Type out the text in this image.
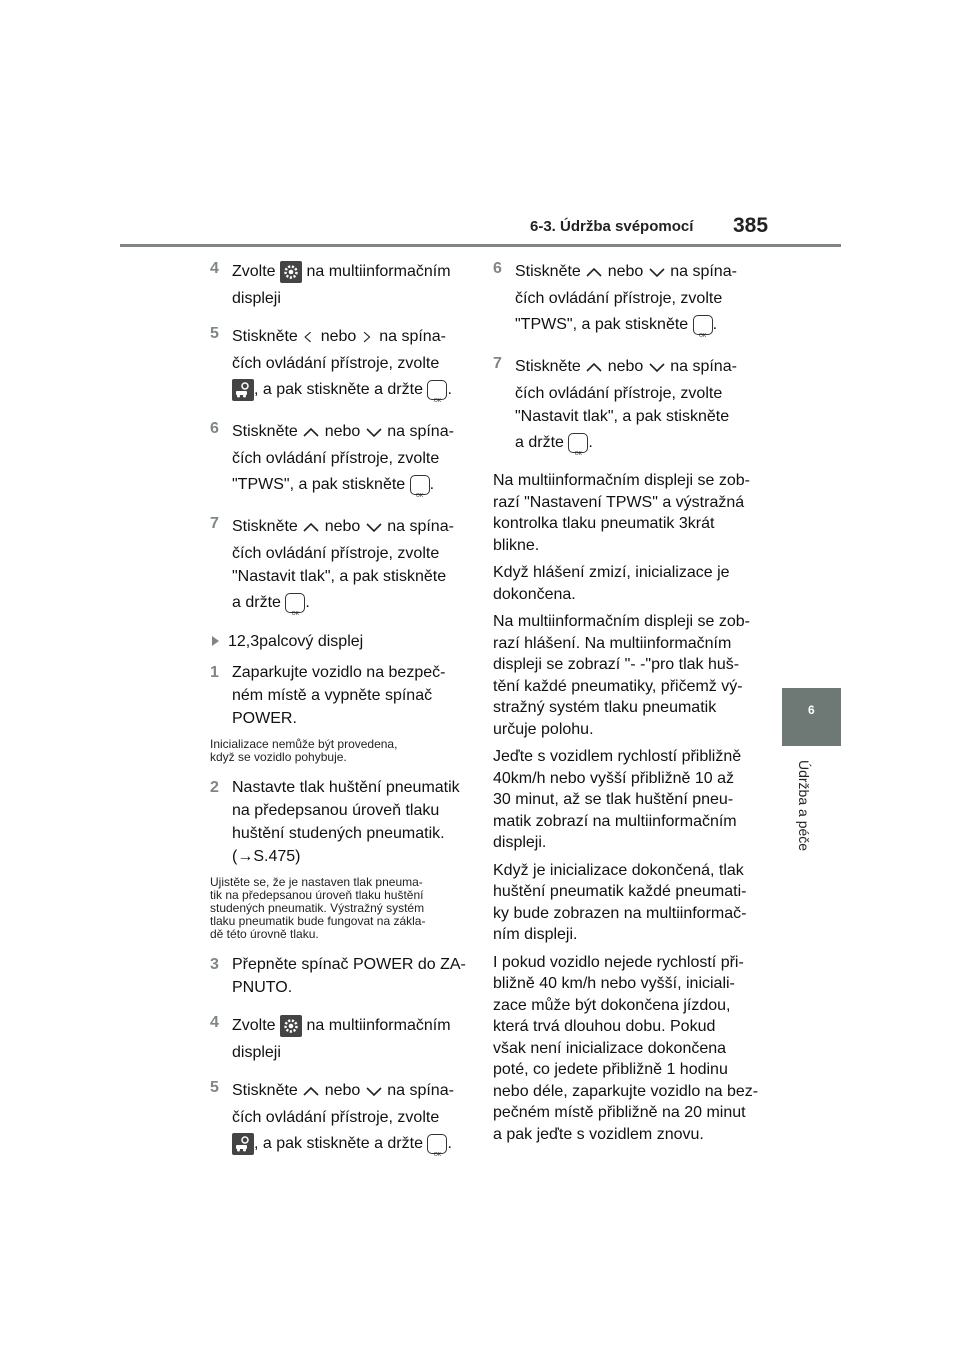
6-3. Údržba svépomocí 385
6
Údržba a péče
4 Zvolte na multiinformačním
displeji
5 Stiskněte nebo na spína-
čích ovládání přístroje, zvolte
, a pak stiskněte a držte
OK
.
6 Stiskněte nebo na spína-
čích ovládání přístroje, zvolte
"TPWS", a pak stiskněte
OK
.
7 Stiskněte nebo na spína-
čích ovládání přístroje, zvolte
"Nastavit tlak", a pak stiskněte
a držte
OK
.
12,3palcový displej
1 Zaparkujte vozidlo na bezpeč-
ném místě a vypněte spínač
POWER.
Inicializace nemůže být provedena,
když se vozidlo pohybuje.
2 Nastavte tlak huštění pneumatik
na předepsanou úroveň tlaku
huštění studených pneumatik.
(→S.475)
Ujistěte se, že je nastaven tlak pneuma-
tik na předepsanou úroveň tlaku huštění
studených pneumatik. Výstražný systém
tlaku pneumatik bude fungovat na zákla-
dě této úrovně tlaku.
3 Přepněte spínač POWER do ZA-
PNUTO.
4 Zvolte na multiinformačním
displeji
5 Stiskněte nebo na spína-
čích ovládání přístroje, zvolte
, a pak stiskněte a držte
OK
.
6 Stiskněte nebo na spína-
čích ovládání přístroje, zvolte
"TPWS", a pak stiskněte
OK
.
7 Stiskněte nebo na spína-
čích ovládání přístroje, zvolte
"Nastavit tlak", a pak stiskněte
a držte
OK
.
Na multiinformačním displeji se zob-
razí "Nastavení TPWS" a výstražná
kontrolka tlaku pneumatik 3krát
blikne.
Když hlášení zmizí, inicializace je
dokončena.
Na multiinformačním displeji se zob-
razí hlášení. Na multiinformačním
displeji se zobrazí "- -"pro tlak huš-
tění každé pneumatiky, přičemž vý-
stražný systém tlaku pneumatik
určuje polohu.
Jeďte s vozidlem rychlostí přibližně
40km/h nebo vyšší přibližně 10 až
30 minut, až se tlak huštění pneu-
matik zobrazí na multiinformačním
displeji.
Když je inicializace dokončená, tlak
huštění pneumatik každé pneumati-
ky bude zobrazen na multiinformač-
ním displeji.
I pokud vozidlo nejede rychlostí při-
bližně 40 km/h nebo vyšší, iniciali-
zace může být dokončena jízdou,
která trvá dlouhou dobu. Pokud
však není inicializace dokončena
poté, co jedete přibližně 1 hodinu
nebo déle, zaparkujte vozidlo na bez-
pečném místě přibližně na 20 minut
a pak jeďte s vozidlem znovu.
